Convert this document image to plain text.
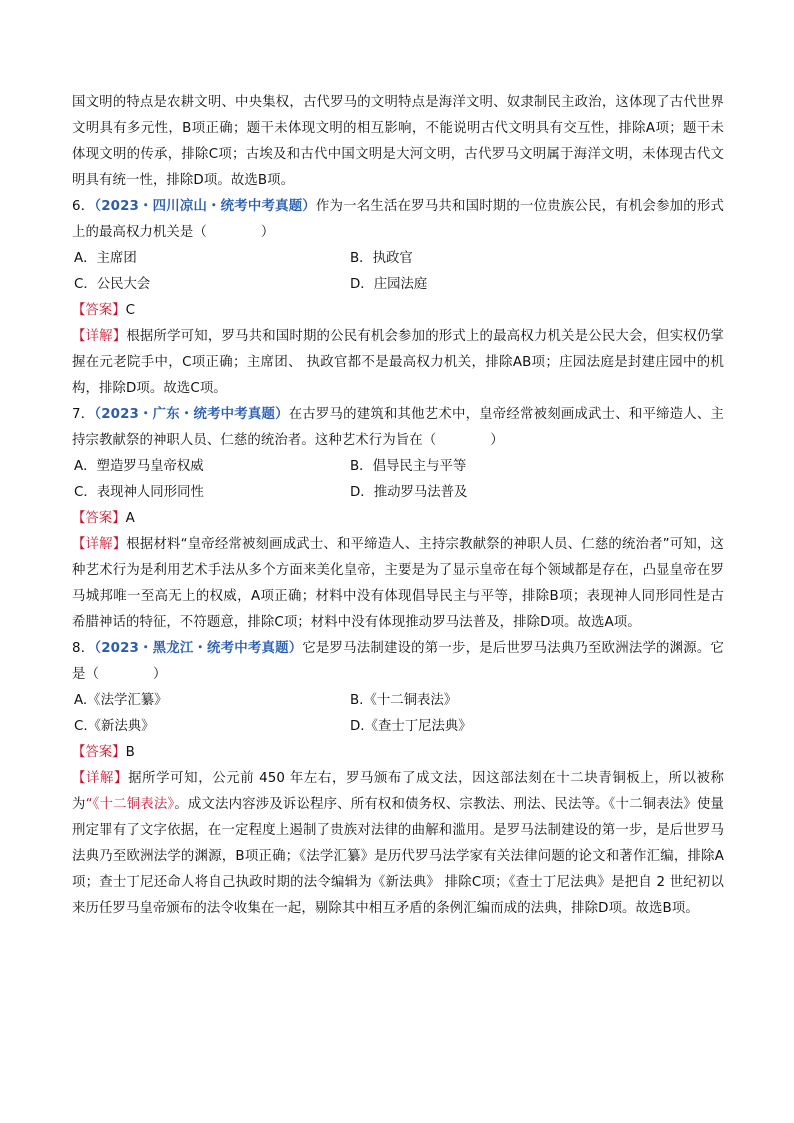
国文明的特点是农耕文明、中央集权，古代罗马的文明特点是海洋文明、奴隶制民主政治，这体现了古代世界文明具有多元性，B项正确；题干未体现文明的相互影响，不能说明古代文明具有交互性，排除A项；题干未体现文明的传承，排除C项；古埃及和古代中国文明是大河文明，古代罗马文明属于海洋文明，未体现古代文明具有统一性，排除D项。故选B项。

6．（2023・四川凉山・统考中考真题）作为一名生活在罗马共和国时期的一位贵族公民，有机会参加的形式上的最高权力机关是（	）

A．主席团	B．执政官
C．公民大会	D．庄园法庭

【答案】C

【详解】根据所学可知，罗马共和国时期的公民有机会参加的形式上的最高权力机关是公民大会，但实权仍掌握在元老院手中，C项正确；主席团、 执政官都不是最高权力机关，排除AB项；庄园法庭是封建庄园中的机构，排除D项。故选C项。

7．（2023・广东・统考中考真题）在古罗马的建筑和其他艺术中，皇帝经常被刻画成武士、和平缔造人、主持宗教献祭的神职人员、仁慈的统治者。这种艺术行为旨在（	）

A．塑造罗马皇帝权威	B．倡导民主与平等
C．表现神人同形同性	D．推动罗马法普及

【答案】A

【详解】根据材料“皇帝经常被刻画成武士、和平缔造人、主持宗教献祭的神职人员、仁慈的统治者”可知，这种艺术行为是利用艺术手法从多个方面来美化皇帝，主要是为了显示皇帝在每个领域都是存在，凸显皇帝在罗马城邦唯一至高无上的权威，A项正确；材料中没有体现倡导民主与平等，排除B项；表现神人同形同性是古希腊神话的特征，不符题意，排除C项；材料中没有体现推动罗马法普及，排除D项。故选A项。

8．（2023・黑龙江・统考中考真题）它是罗马法制建设的第一步，是后世罗马法典乃至欧洲法学的渊源。它是（	）

A.《法学汇纂》	B.《十二铜表法》
C.《新法典》	D.《查士丁尼法典》

【答案】B

【详解】据所学可知，公元前 450 年左右，罗马颁布了成文法，因这部法刻在十二块青铜板上，所以被称为“《十二铜表法》。成文法内容涉及诉讼程序、所有权和债务权、宗教法、刑法、民法等。《十二铜表法》使量刑定罪有了文字依据，在一定程度上遏制了贵族对法律的曲解和滥用。是罗马法制建设的第一步，是后世罗马法典乃至欧洲法学的渊源，B项正确；《法学汇纂》是历代罗马法学家有关法律问题的论文和著作汇编，排除A项；查士丁尼还命人将自己执政时期的法令编辑为《新法典》 排除C项；《查士丁尼法典》是把自 2 世纪初以来历任罗马皇帝颁布的法令收集在一起，剔除其中相互矛盾的条例汇编而成的法典，排除D项。故选B项。
